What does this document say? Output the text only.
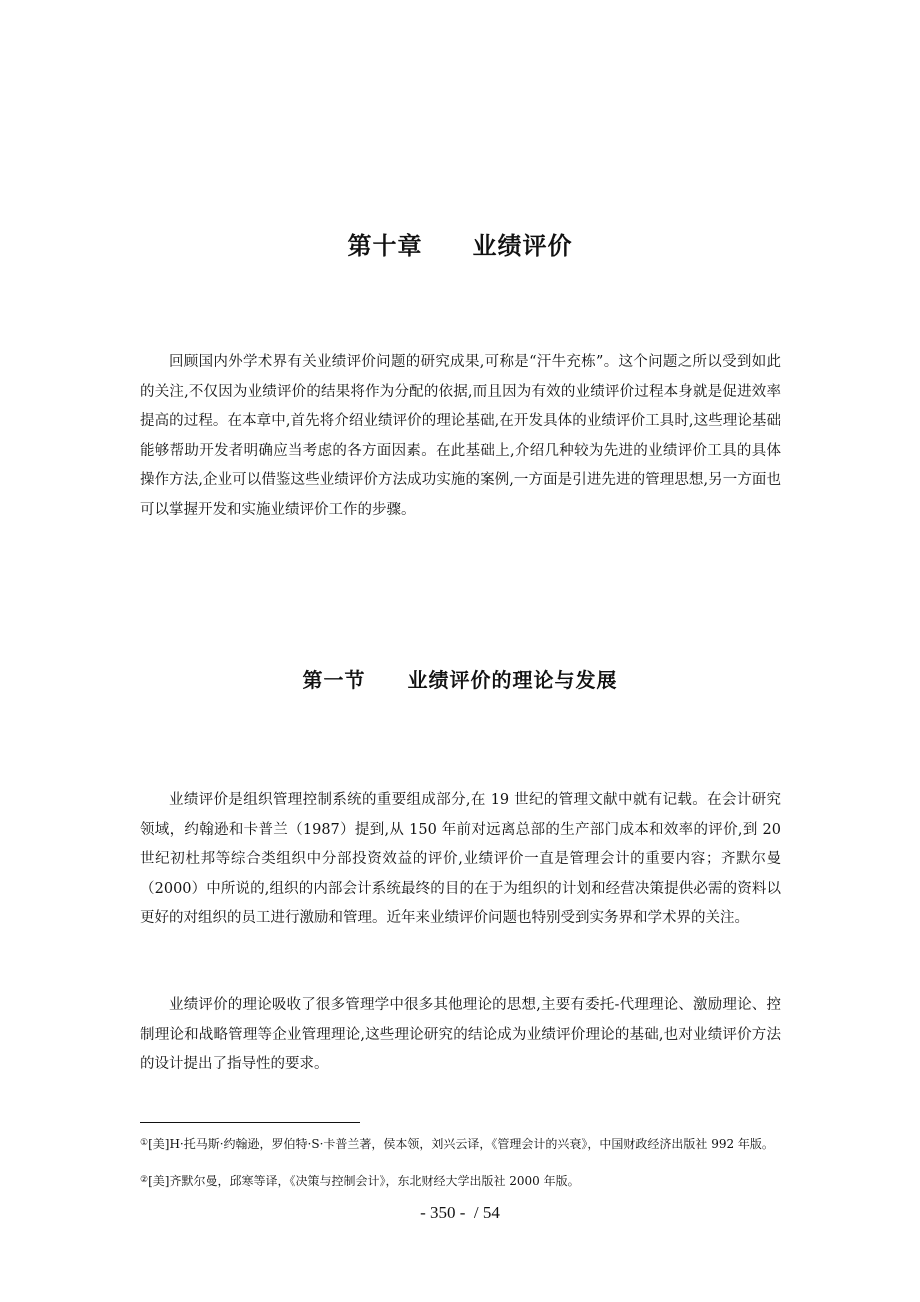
第十章　　业绩评价

回顾国内外学术界有关业绩评价问题的研究成果,可称是“汗牛充栋”。这个问题之所以受到如此的关注,不仅因为业绩评价的结果将作为分配的依据,而且因为有效的业绩评价过程本身就是促进效率提高的过程。在本章中,首先将介绍业绩评价的理论基础,在开发具体的业绩评价工具时,这些理论基础能够帮助开发者明确应当考虑的各方面因素。在此基础上,介绍几种较为先进的业绩评价工具的具体操作方法,企业可以借鉴这些业绩评价方法成功实施的案例,一方面是引进先进的管理思想,另一方面也可以掌握开发和实施业绩评价工作的步骤。

第一节　　业绩评价的理论与发展

业绩评价是组织管理控制系统的重要组成部分,在 19 世纪的管理文献中就有记载。在会计研究领域，约翰逊和卡普兰（1987）提到,从 150 年前对远离总部的生产部门成本和效率的评价,到 20 世纪初杜邦等综合类组织中分部投资效益的评价,业绩评价一直是管理会计的重要内容；齐默尔曼（2000）中所说的,组织的内部会计系统最终的目的在于为组织的计划和经营决策提供必需的资料以更好的对组织的员工进行激励和管理。近年来业绩评价问题也特别受到实务界和学术界的关注。

业绩评价的理论吸收了很多管理学中很多其他理论的思想,主要有委托-代理理论、激励理论、控制理论和战略管理等企业管理理论,这些理论研究的结论成为业绩评价理论的基础,也对业绩评价方法的设计提出了指导性的要求。

①[美]H·托马斯·约翰逊，罗伯特·S·卡普兰著，侯本领，刘兴云译，《管理会计的兴衰》，中国财政经济出版社 992 年版。

②[美]齐默尔曼，邱寒等译，《决策与控制会计》，东北财经大学出版社 2000 年版。

- 350 -  / 54
